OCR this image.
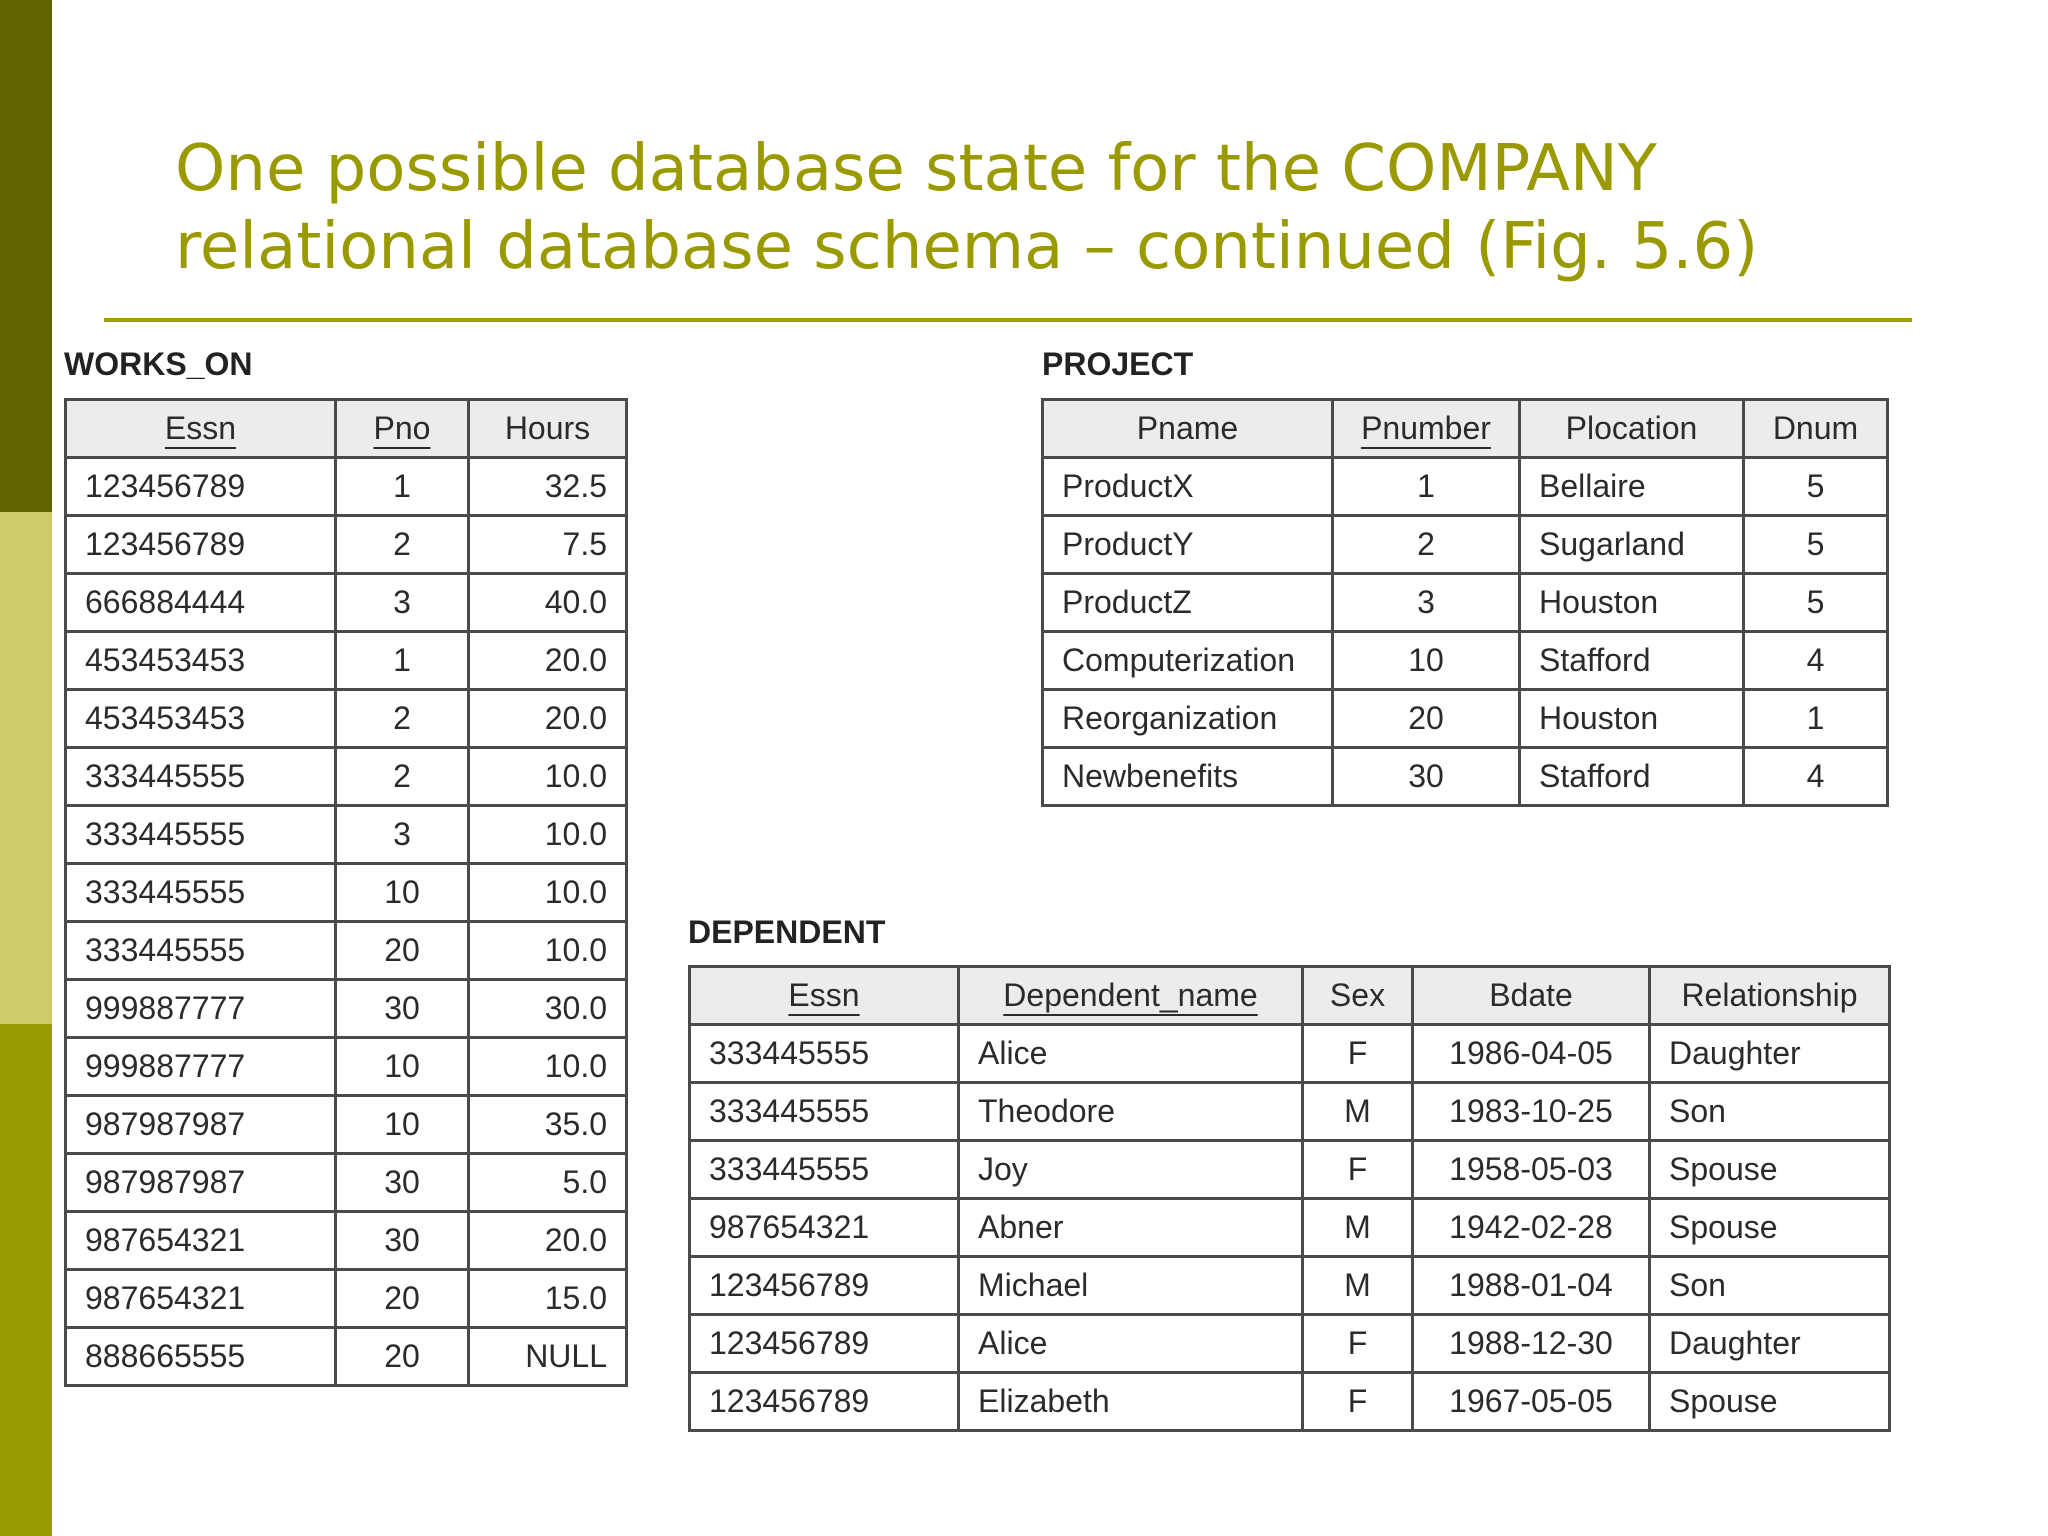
One possible database state for the COMPANY
relational database schema – continued (Fig. 5.6)
WORKS_ON
Essn	Pno	Hours
123456789	1	32.5
123456789	2	7.5
666884444	3	40.0
453453453	1	20.0
453453453	2	20.0
333445555	2	10.0
333445555	3	10.0
333445555	10	10.0
333445555	20	10.0
999887777	30	30.0
999887777	10	10.0
987987987	10	35.0
987987987	30	5.0
987654321	30	20.0
987654321	20	15.0
888665555	20	NULL
PROJECT
Pname	Pnumber	Plocation	Dnum
ProductX	1	Bellaire	5
ProductY	2	Sugarland	5
ProductZ	3	Houston	5
Computerization	10	Stafford	4
Reorganization	20	Houston	1
Newbenefits	30	Stafford	4
DEPENDENT
Essn	Dependent_name	Sex	Bdate	Relationship
333445555	Alice	F	1986-04-05	Daughter
333445555	Theodore	M	1983-10-25	Son
333445555	Joy	F	1958-05-03	Spouse
987654321	Abner	M	1942-02-28	Spouse
123456789	Michael	M	1988-01-04	Son
123456789	Alice	F	1988-12-30	Daughter
123456789	Elizabeth	F	1967-05-05	Spouse
